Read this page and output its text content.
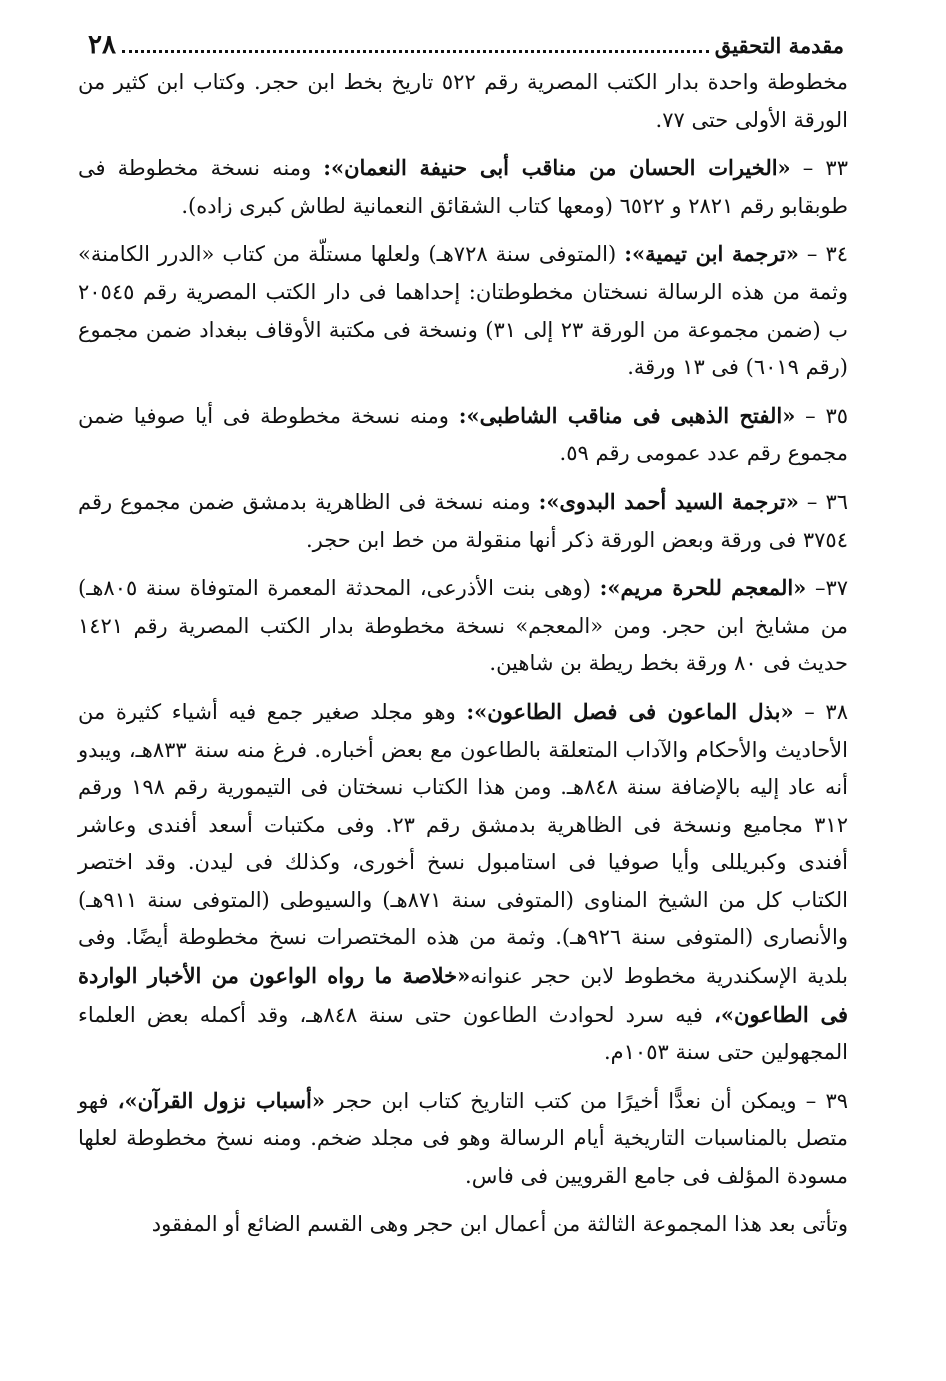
مقدمة التحقيق
٢٨

مخطوطة واحدة بدار الكتب المصرية رقم ٥٢٢ تاريخ بخط ابن حجر. وكتاب ابن كثير من الورقة الأولى حتى ٧٧.

٣٣ – «الخيرات الحسان من مناقب أبى حنيفة النعمان»: ومنه نسخة مخطوطة فى طوبقابو رقم ٢٨٢١ و ٦٥٢٢ (ومعها كتاب الشقائق النعمانية لطاش كبرى زاده).

٣٤ – «ترجمة ابن تيمية»: (المتوفى سنة ٧٢٨هـ) ولعلها مستلّة من كتاب «الدرر الكامنة» وثمة من هذه الرسالة نسختان مخطوطتان: إحداهما فى دار الكتب المصرية رقم ٢٠٥٤٥ ب (ضمن مجموعة من الورقة ٢٣ إلى ٣١) ونسخة فى مكتبة الأوقاف ببغداد ضمن مجموع (رقم ٦٠١٩) فى ١٣ ورقة.

٣٥ – «الفتح الذهبى فى مناقب الشاطبى»: ومنه نسخة مخطوطة فى أيا صوفيا ضمن مجموع رقم عدد عمومى رقم ٥٩.

٣٦ – «ترجمة السيد أحمد البدوى»: ومنه نسخة فى الظاهرية بدمشق ضمن مجموع رقم ٣٧٥٤ فى ورقة وبعض الورقة ذكر أنها منقولة من خط ابن حجر.

٣٧– «المعجم للحرة مريم»: (وهى بنت الأذرعى، المحدثة المعمرة المتوفاة سنة ٨٠٥هـ) من مشايخ ابن حجر. ومن «المعجم» نسخة مخطوطة بدار الكتب المصرية رقم ١٤٢١ حديث فى ٨٠ ورقة بخط ريطة بن شاهين.

٣٨ – «بذل الماعون فى فصل الطاعون»: وهو مجلد صغير جمع فيه أشياء كثيرة من الأحاديث والأحكام والآداب المتعلقة بالطاعون مع بعض أخباره. فرغ منه سنة ٨٣٣هـ، ويبدو أنه عاد إليه بالإضافة سنة ٨٤٨هـ. ومن هذا الكتاب نسختان فى التيمورية رقم ١٩٨ ورقم ٣١٢ مجاميع ونسخة فى الظاهرية بدمشق رقم ٢٣. وفى مكتبات أسعد أفندى وعاشر أفندى وكبريللى وأيا صوفيا فى استامبول نسخ أخورى، وكذلك فى ليدن. وقد اختصر الكتاب كل من الشيخ المناوى (المتوفى سنة ٨٧١هـ) والسيوطى (المتوفى سنة ٩١١هـ) والأنصارى (المتوفى سنة ٩٢٦هـ). وثمة من هذه المختصرات نسخ مخطوطة أيضًا. وفى بلدية الإسكندرية مخطوط لابن حجر عنوانه«خلاصة ما رواه الواعون من الأخبار الواردة فى الطاعون»، فيه سرد لحوادث الطاعون حتى سنة ٨٤٨هـ، وقد أكمله بعض العلماء المجهولين حتى سنة ١٠٥٣م.

٣٩ – ويمكن أن نعدًّا أخيرًا من كتب التاريخ كتاب ابن حجر «أسباب نزول القرآن»، فهو متصل بالمناسبات التاريخية أيام الرسالة وهو فى مجلد ضخم. ومنه نسخ مخطوطة لعلها مسودة المؤلف فى جامع القرويين فى فاس.

وتأتى بعد هذا المجموعة الثالثة من أعمال ابن حجر وهى القسم الضائع أو المفقود
